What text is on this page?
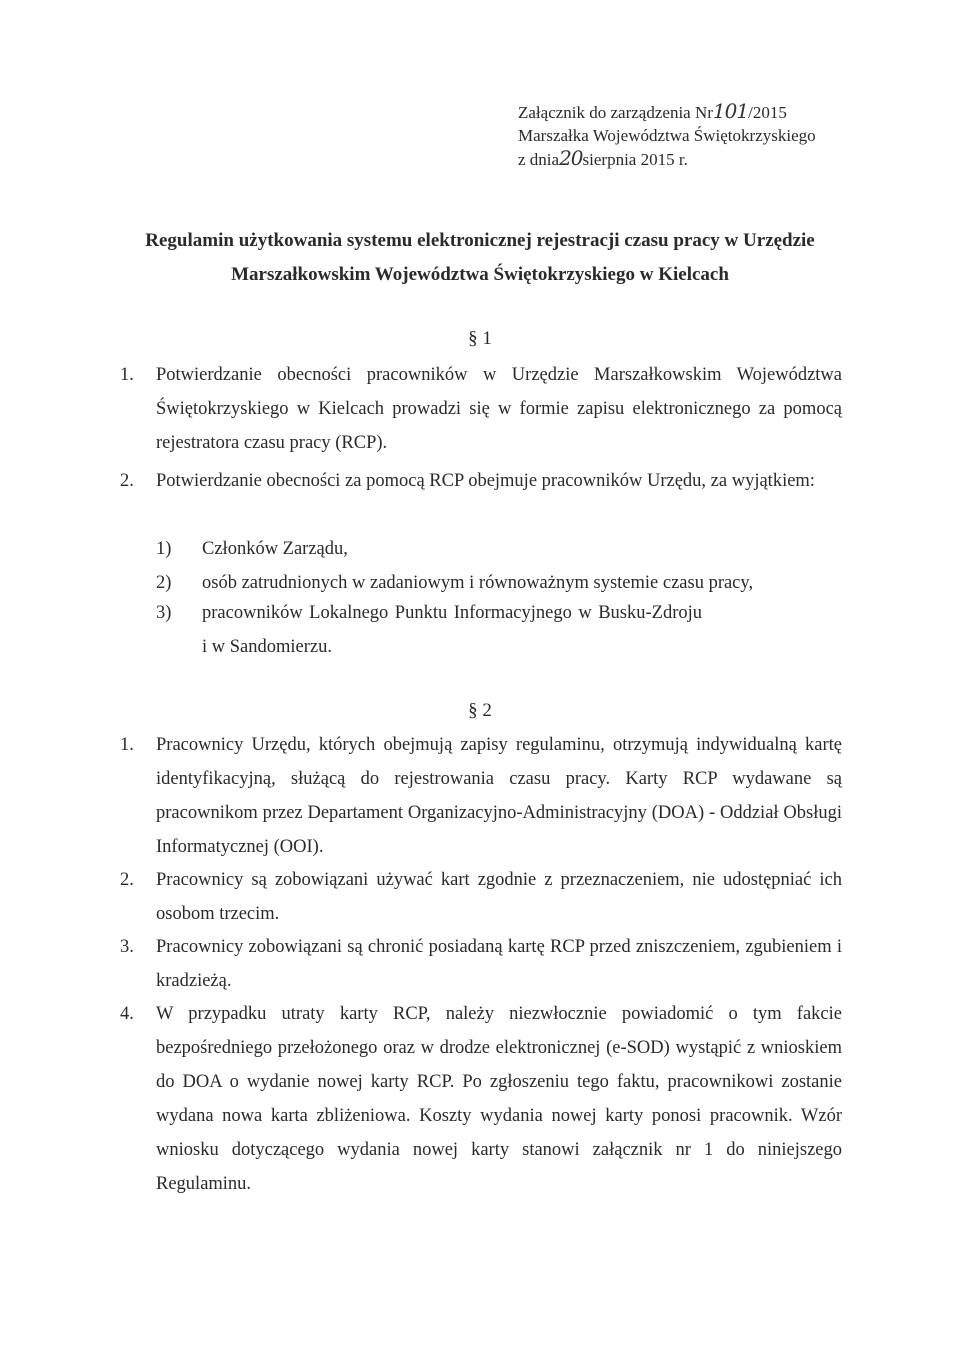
Załącznik do zarządzenia Nr101/2015
Marszałka Województwa Świętokrzyskiego
z dnia20sierpnia 2015 r.
Regulamin użytkowania systemu elektronicznej rejestracji czasu pracy w Urzędzie
Marszałkowskim Województwa Świętokrzyskiego w Kielcach
§ 1
1.	Potwierdzanie obecności pracowników w Urzędzie Marszałkowskim Województwa Świętokrzyskiego w Kielcach prowadzi się w formie zapisu elektronicznego za pomocą rejestratora czasu pracy (RCP).
2.	Potwierdzanie obecności za pomocą RCP obejmuje pracowników Urzędu, za wyjątkiem:
1) Członków Zarządu,
2) osób zatrudnionych w zadaniowym i równoważnym systemie czasu pracy,
3) pracowników Lokalnego Punktu Informacyjnego w Busku-Zdroju i w Sandomierzu.
§ 2
1.	Pracownicy Urzędu, których obejmują zapisy regulaminu, otrzymują indywidualną kartę identyfikacyjną, służącą do rejestrowania czasu pracy. Karty RCP wydawane są pracownikom przez Departament Organizacyjno-Administracyjny (DOA) - Oddział Obsługi Informatycznej (OOI).
2.	Pracownicy są zobowiązani używać kart zgodnie z przeznaczeniem, nie udostępniać ich osobom trzecim.
3.	Pracownicy zobowiązani są chronić posiadaną kartę RCP przed zniszczeniem, zgubieniem i kradzieżą.
4.	W przypadku utraty karty RCP, należy niezwłocznie powiadomić o tym fakcie bezpośredniego przełożonego oraz w drodze elektronicznej (e-SOD) wystąpić z wnioskiem do DOA o wydanie nowej karty RCP. Po zgłoszeniu tego faktu, pracownikowi zostanie wydana nowa karta zbliżeniowa. Koszty wydania nowej karty ponosi pracownik. Wzór wniosku dotyczącego wydania nowej karty stanowi załącznik nr 1 do niniejszego Regulaminu.
